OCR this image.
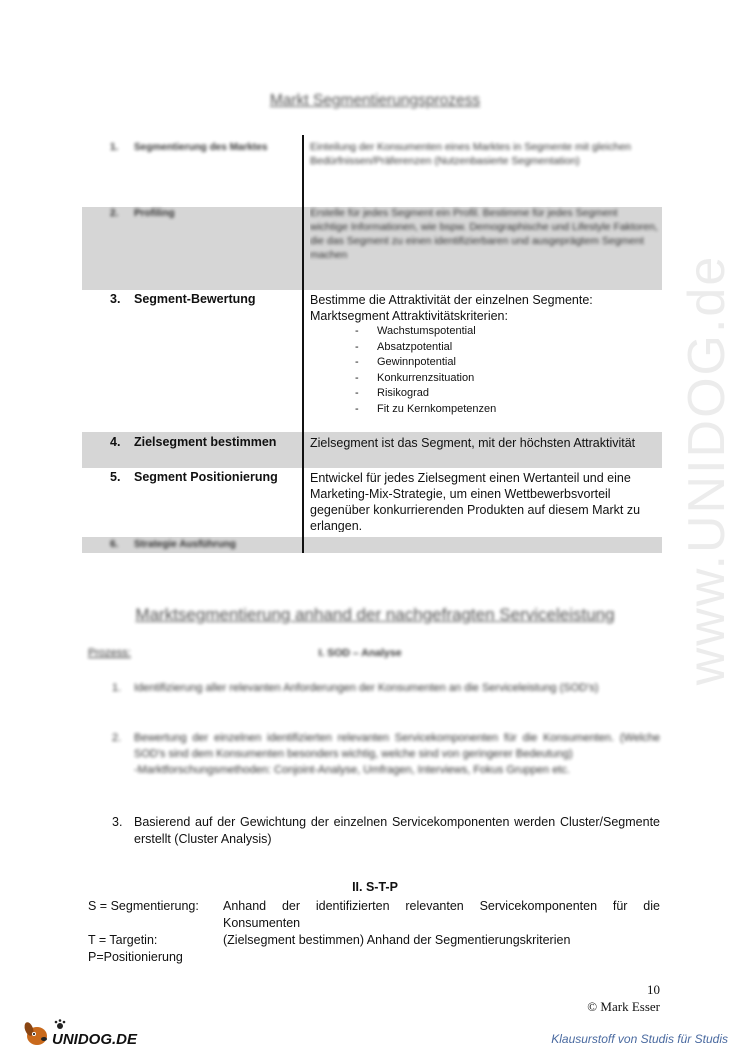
www.UNIDOG.de
Markt Segmentierungsprozess
1. Segmentierung des Marktes	Einteilung der Konsumenten eines Marktes in Segmente mit gleichen Bedürfnissen/Präferenzen (Nutzenbasierte Segmentation)
2. Profiling	Erstelle für jedes Segment ein Profil. Bestimme für jedes Segment wichtige Informationen, wie bspw. Demographische und Lifestyle Faktoren, die das Segment zu einen identifizierbaren und ausgeprägtem Segment machen
3. Segment-Bewertung	Bestimme die Attraktivität der einzelnen Segmente:
Marktsegment Attraktivitätskriterien:
- Wachstumspotential
- Absatzpotential
- Gewinnpotential
- Konkurrenzsituation
- Risikograd
- Fit zu Kernkompetenzen
4. Zielsegment bestimmen	Zielsegment ist das Segment, mit der höchsten Attraktivität
5. Segment Positionierung	Entwickel für jedes Zielsegment einen Wertanteil und eine Marketing-Mix-Strategie, um einen Wettbewerbsvorteil gegenüber konkurrierenden Produkten auf diesem Markt zu erlangen.
6. Strategie Ausführung
Marktsegmentierung anhand der nachgefragten Serviceleistung
Prozess:	I. SOD – Analyse
1. Identifizierung aller relevanten Anforderungen der Konsumenten an die Serviceleistung (SOD's)
2. Bewertung der einzelnen identifizierten relevanten Servicekomponenten für die Konsumenten. (Welche SOD's sind dem Konsumenten besonders wichtig, welche sind von geringerer Bedeutung)
-Marktforschungsmethoden: Conjoint-Analyse, Umfragen, Interviews, Fokus Gruppen etc.
3. Basierend auf der Gewichtung der einzelnen Servicekomponenten werden Cluster/Segmente erstellt (Cluster Analysis)
II. S-T-P
S = Segmentierung: Anhand der identifizierten relevanten Servicekomponenten für die Konsumenten
T = Targetin:	(Zielsegment bestimmen) Anhand der Segmentierungskriterien
P=Positionierung
10
© Mark Esser
UNIDOG.DE	Klausurstoff von Studis für Studis
